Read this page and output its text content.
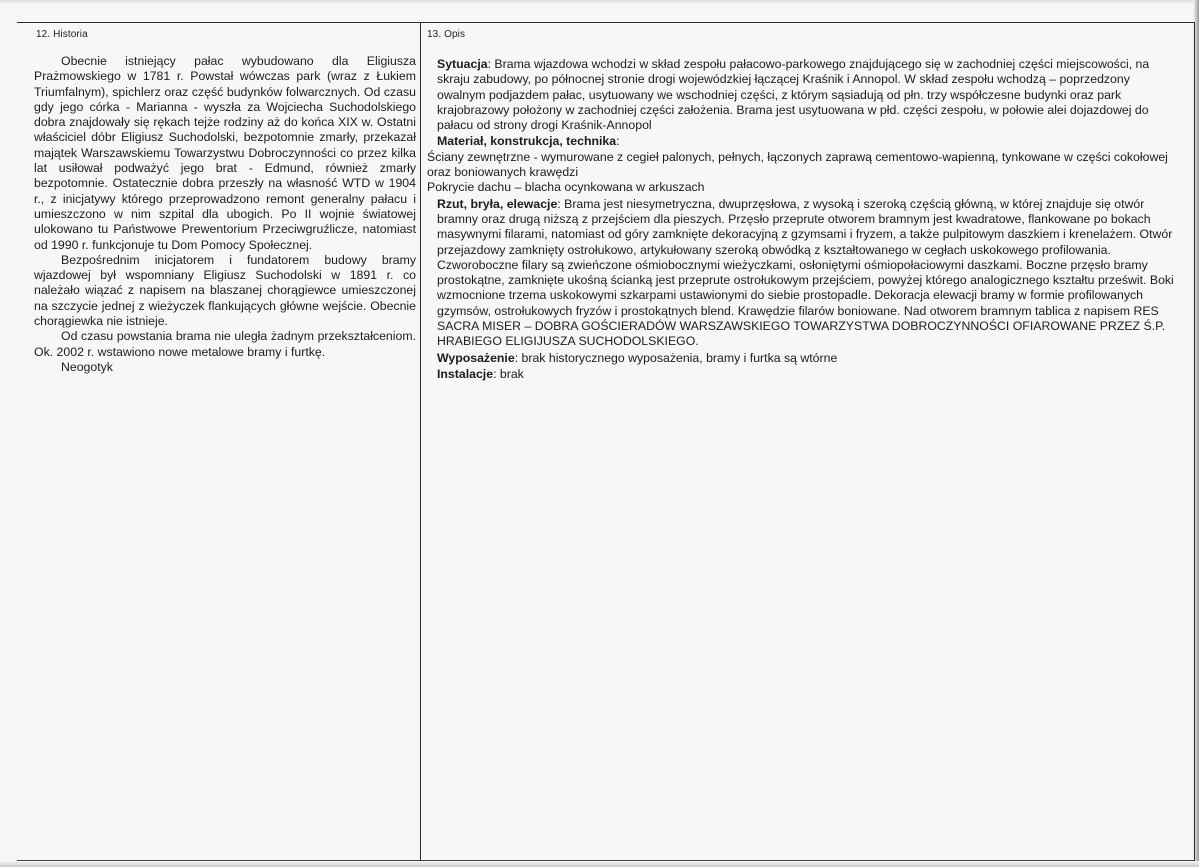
12. Historia	13. Opis

Obecnie istniejący pałac wybudowano dla Eligiusza Prażmowskiego w 1781 r. Powstał wówczas park (wraz z Łukiem Triumfalnym), spichlerz oraz część budynków folwarcznych. Od czasu gdy jego córka - Marianna - wyszła za Wojciecha Suchodolskiego dobra znajdowały się rękach tejże rodziny aż do końca XIX w. Ostatni właściciel dóbr Eligiusz Suchodolski, bezpotomnie zmarły, przekazał majątek Warszawskiemu Towarzystwu Dobroczynności co przez kilka lat usiłował podważyć jego brat - Edmund, również zmarły bezpotomnie. Ostatecznie dobra przeszły na własność WTD w 1904 r., z inicjatywy którego przeprowadzono remont generalny pałacu i umieszczono w nim szpital dla ubogich. Po II wojnie światowej ulokowano tu Państwowe Prewentorium Przeciwgruźlicze, natomiast od 1990 r. funkcjonuje tu Dom Pomocy Społecznej.

Bezpośrednim inicjatorem i fundatorem budowy bramy wjazdowej był wspomniany Eligiusz Suchodolski w 1891 r. co należało wiązać z napisem na blaszanej chorągiewce umieszczonej na szczycie jednej z wieżyczek flankujących główne wejście. Obecnie chorągiewka nie istnieje.

Od czasu powstania brama nie uległa żadnym przekształceniom. Ok. 2002 r. wstawiono nowe metalowe bramy i furtkę.

Neogotyk

Sytuacja: Brama wjazdowa wchodzi w skład zespołu pałacowo-parkowego znajdującego się w zachodniej części miejscowości, na skraju zabudowy, po północnej stronie drogi wojewódzkiej łączącej Kraśnik i Annopol. W skład zespołu wchodzą – poprzedzony owalnym podjazdem pałac, usytuowany we wschodniej części, z którym sąsiadują od płn. trzy współczesne budynki oraz park krajobrazowy położony w zachodniej części założenia. Brama jest usytuowana w płd. części zespołu, w połowie alei dojazdowej do pałacu od strony drogi Kraśnik-Annopol

Materiał, konstrukcja, technika:

Ściany zewnętrzne - wymurowane z cegieł palonych, pełnych, łączonych zaprawą cementowo-wapienną, tynkowane w części cokołowej oraz boniowanych krawędzi

Pokrycie dachu – blacha ocynkowana w arkuszach

Rzut, bryła, elewacje: Brama jest niesymetryczna, dwuprzęsłowa, z wysoką i szeroką częścią główną, w której znajduje się otwór bramny oraz drugą niższą z przejściem dla pieszych. Przęsło przeprute otworem bramnym jest kwadratowe, flankowane po bokach masywnymi filarami, natomiast od góry zamknięte dekoracyjną z gzymsami i fryzem, a także pulpitowym daszkiem i krenelażem. Otwór przejazdowy zamknięty ostrołukowo, artykułowany szeroką obwódką z kształtowanego w cegłach uskokowego profilowania. Czworoboczne filary są zwieńczone ośmiobocznymi wieżyczkami, osłoniętymi ośmiopołaciowymi daszkami. Boczne przęsło bramy prostokątne, zamknięte ukośną ścianką jest przeprute ostrołukowym przejściem, powyżej którego analogicznego kształtu prześwit. Boki wzmocnione trzema uskokowymi szkarpami ustawionymi do siebie prostopadle. Dekoracja elewacji bramy w formie profilowanych gzymsów, ostrołukowych fryzów i prostokątnych blend. Krawędzie filarów boniowane. Nad otworem bramnym tablica z napisem RES SACRA MISER – DOBRA GOŚCIERADÓW WARSZAWSKIEGO TOWARZYSTWA DOBROCZYNNOŚCI OFIAROWANE PRZEZ Ś.P. HRABIEGO ELIGIJUSZA SUCHODOLSKIEGO.

Wyposażenie: brak historycznego wyposażenia, bramy i furtka są wtórne

Instalacje: brak
